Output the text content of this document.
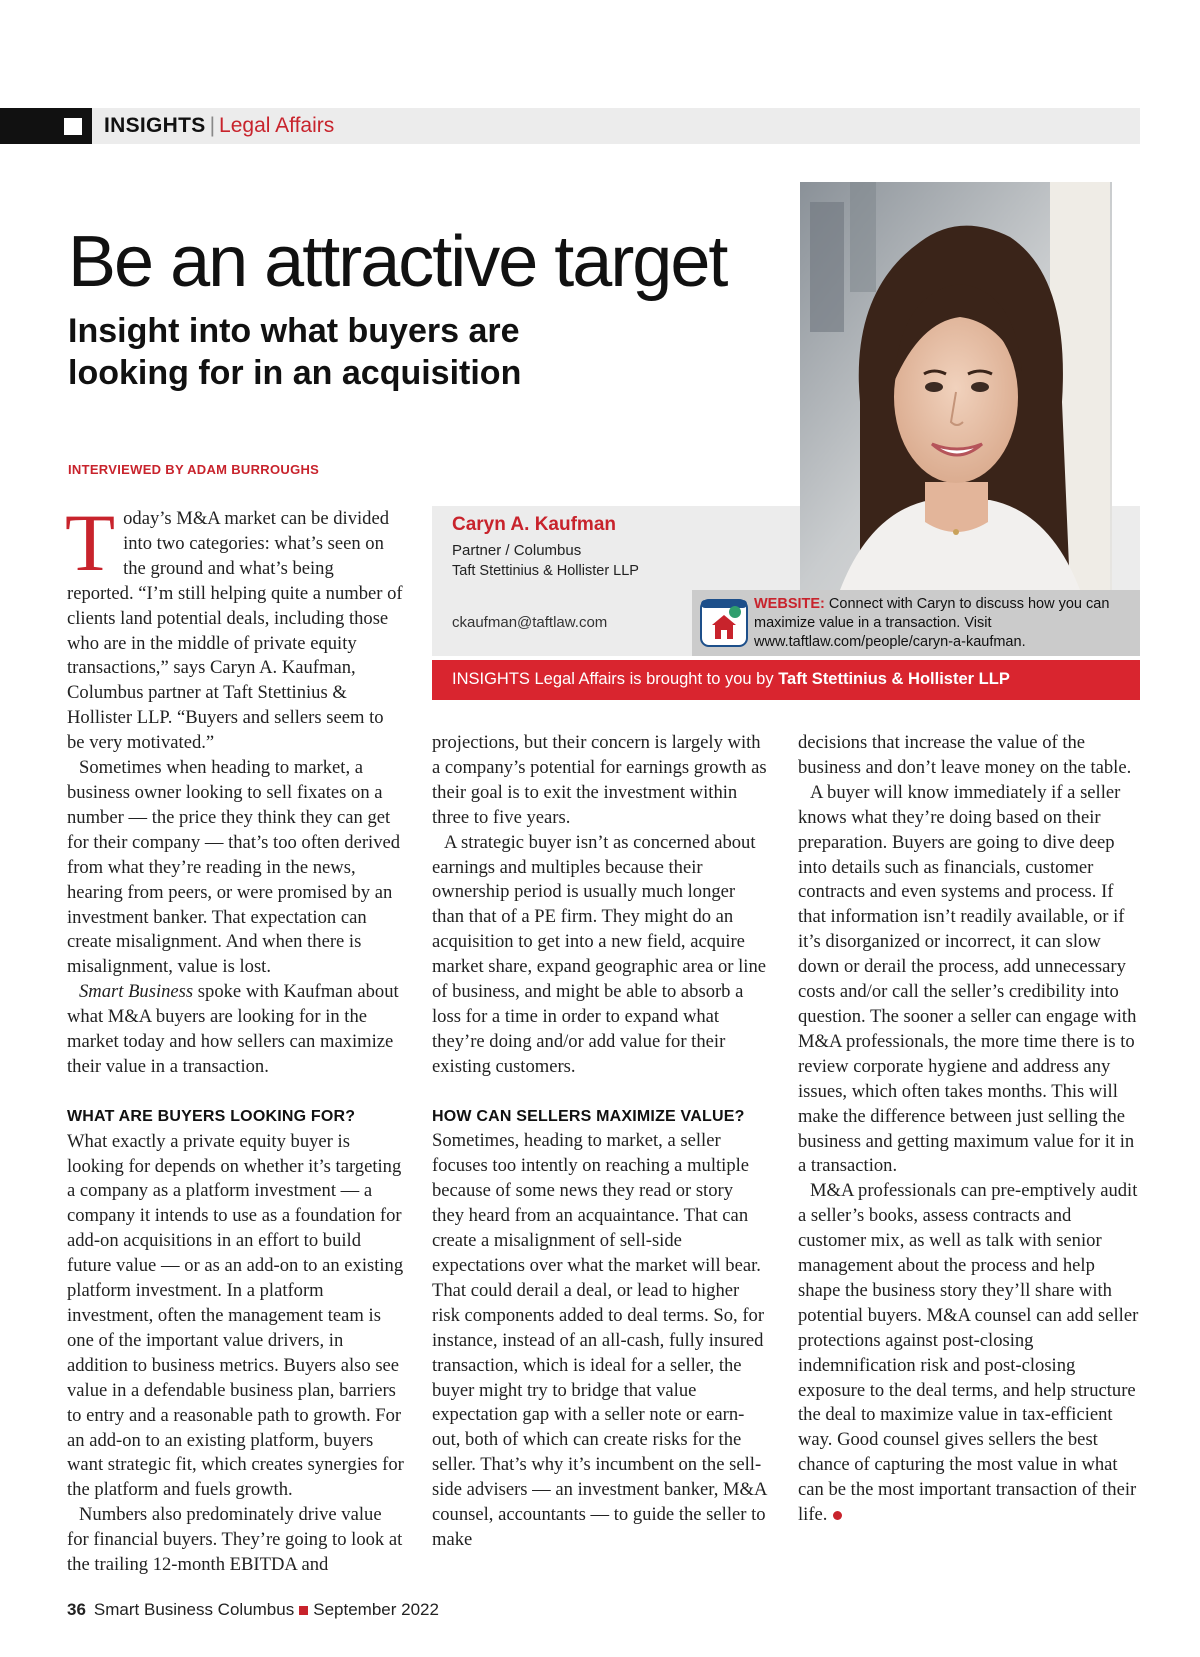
INSIGHTS | Legal Affairs
Be an attractive target
Insight into what buyers are looking for in an acquisition
INTERVIEWED BY ADAM BURROUGHS
Caryn A. Kaufman
Partner / Columbus
Taft Stettinius & Hollister LLP
ckaufman@taftlaw.com
WEBSITE: Connect with Caryn to discuss how you can maximize value in a transaction. Visit www.taftlaw.com/people/caryn-a-kaufman.
INSIGHTS Legal Affairs is brought to you by Taft Stettinius & Hollister LLP

Today’s M&A market can be divided into two categories: what’s seen on the ground and what’s being reported. “I’m still helping quite a number of clients land potential deals, including those who are in the middle of private equity transactions,” says Caryn A. Kaufman, Columbus partner at Taft Stettinius & Hollister LLP. “Buyers and sellers seem to be very motivated.”

Sometimes when heading to market, a business owner looking to sell fixates on a number — the price they think they can get for their company — that’s too often derived from what they’re reading in the news, hearing from peers, or were promised by an investment banker. That expectation can create misalignment. And when there is misalignment, value is lost.

Smart Business spoke with Kaufman about what M&A buyers are looking for in the market today and how sellers can maximize their value in a transaction.

WHAT ARE BUYERS LOOKING FOR?

What exactly a private equity buyer is looking for depends on whether it’s targeting a company as a platform investment — a company it intends to use as a foundation for add-on acquisitions in an effort to build future value — or as an add-on to an existing platform investment. In a platform investment, often the management team is one of the important value drivers, in addition to business metrics. Buyers also see value in a defendable business plan, barriers to entry and a reasonable path to growth. For an add-on to an existing platform, buyers want strategic fit, which creates synergies for the platform and fuels growth.

Numbers also predominately drive value for financial buyers. They’re going to look at the trailing 12-month EBITDA and

projections, but their concern is largely with a company’s potential for earnings growth as their goal is to exit the investment within three to five years.

A strategic buyer isn’t as concerned about earnings and multiples because their ownership period is usually much longer than that of a PE firm. They might do an acquisition to get into a new field, acquire market share, expand geographic area or line of business, and might be able to absorb a loss for a time in order to expand what they’re doing and/or add value for their existing customers.

HOW CAN SELLERS MAXIMIZE VALUE?

Sometimes, heading to market, a seller focuses too intently on reaching a multiple because of some news they read or story they heard from an acquaintance. That can create a misalignment of sell-side expectations over what the market will bear. That could derail a deal, or lead to higher risk components added to deal terms. So, for instance, instead of an all-cash, fully insured transaction, which is ideal for a seller, the buyer might try to bridge that value expectation gap with a seller note or earn-out, both of which can create risks for the seller. That’s why it’s incumbent on the sell-side advisers — an investment banker, M&A counsel, accountants — to guide the seller to make

decisions that increase the value of the business and don’t leave money on the table.

A buyer will know immediately if a seller knows what they’re doing based on their preparation. Buyers are going to dive deep into details such as financials, customer contracts and even systems and process. If that information isn’t readily available, or if it’s disorganized or incorrect, it can slow down or derail the process, add unnecessary costs and/or call the seller’s credibility into question. The sooner a seller can engage with M&A professionals, the more time there is to review corporate hygiene and address any issues, which often takes months. This will make the difference between just selling the business and getting maximum value for it in a transaction.

M&A professionals can pre-emptively audit a seller’s books, assess contracts and customer mix, as well as talk with senior management about the process and help shape the business story they’ll share with potential buyers. M&A counsel can add seller protections against post-closing indemnification risk and post-closing exposure to the deal terms, and help structure the deal to maximize value in tax-efficient way. Good counsel gives sellers the best chance of capturing the most value in what can be the most important transaction of their life.

36 Smart Business Columbus September 2022
